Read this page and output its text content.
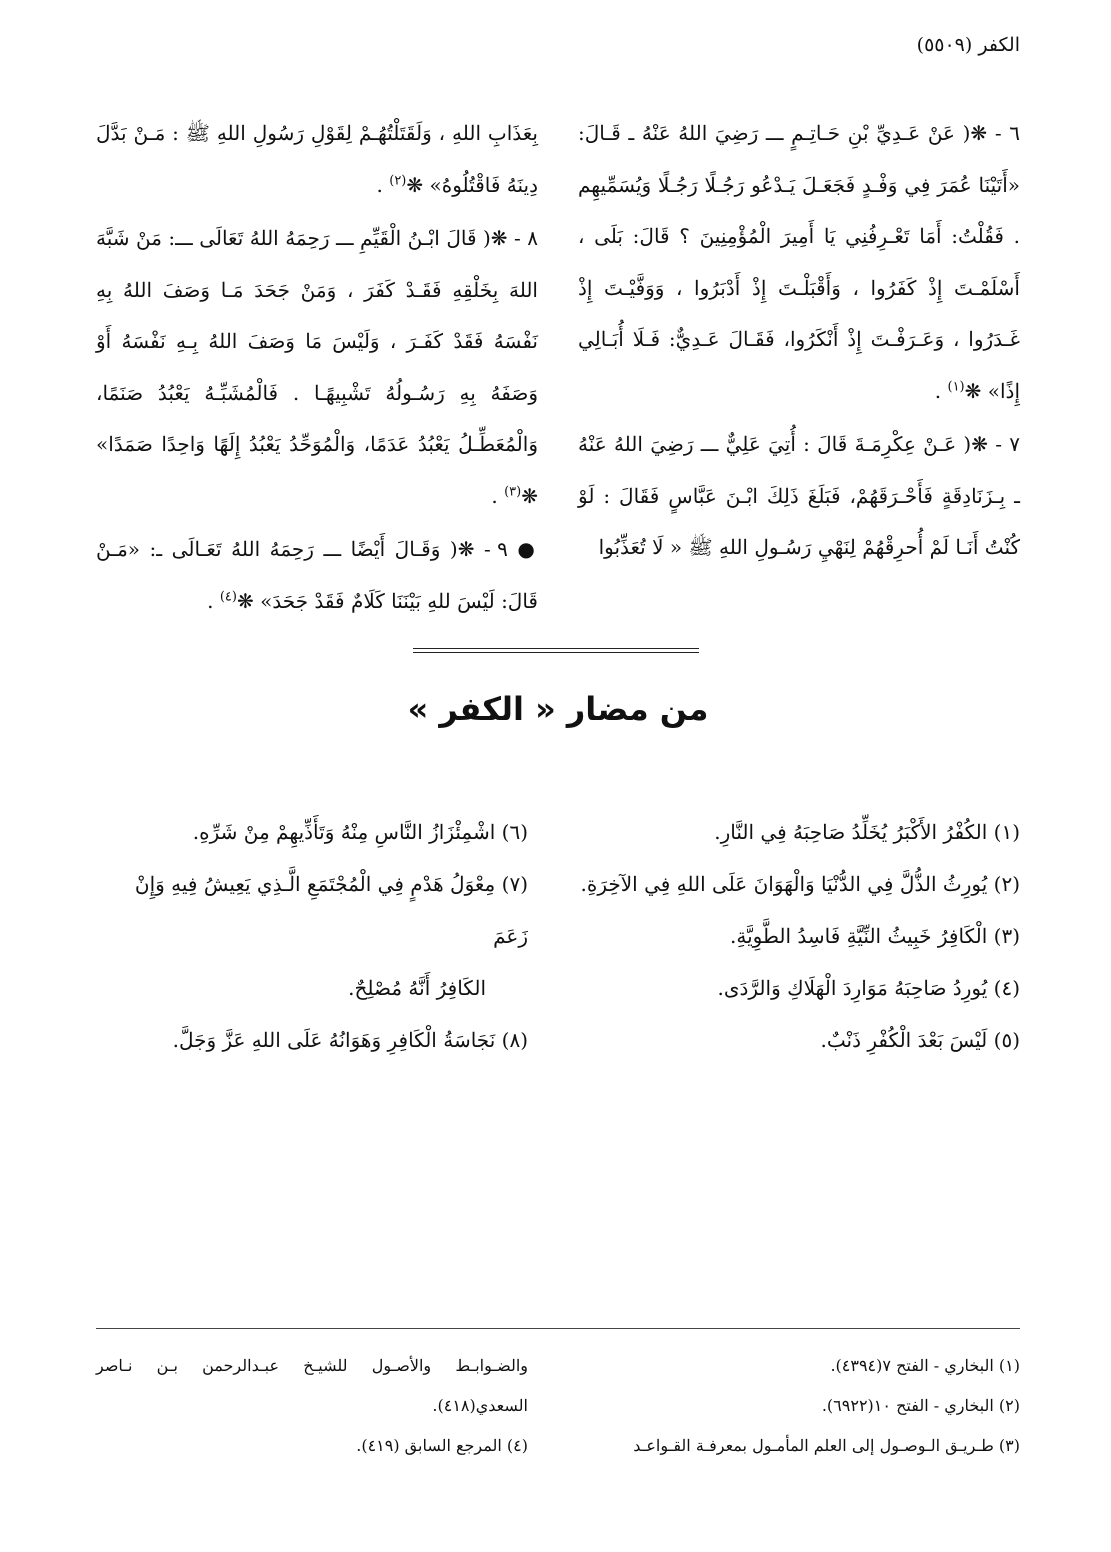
الكفر (٥٥٠٩)

٦ - ❋( عَنْ عَـدِيِّ بْنِ حَـاتِـمٍ ـــ رَضِيَ اللهُ عَنْهُ ـ قَـالَ: «أَتَيْنَا عُمَرَ فِي وَفْـدٍ فَجَعَـلَ يَـدْعُو رَجُـلًا رَجُـلًا وَيُسَمِّيهِم . فَقُلْتُ: أَمَا تَعْـرِفُنِي يَا أَمِيرَ الْمُؤْمِنِينَ ؟ قَالَ: بَلَى ، أَسْلَمْـتَ إِذْ كَفَرُوا ، وَأَقْبَلْـتَ إِذْ أَدْبَرُوا ، وَوَفَّيْـتَ إِذْ غَـدَرُوا ، وَعَـرَفْـتَ إِذْ أَنْكَرُوا، فَقَـالَ عَـدِيٌّ: فَـلَا أُبَـالِي إِذًا» ❋$^{(١)}$ .

٧ - ❋( عَـنْ عِكْرِمَـةَ قَالَ : أُتِيَ عَلِيٌّ ـــ رَضِيَ اللهُ عَنْهُ ـ بِـزَنَادِقَةٍ فَأَحْـرَقَهُمْ، فَبَلَغَ ذَلِكَ ابْـنَ عَبَّاسٍ فَقَالَ : لَوْ كُنْتُ أَنَـا لَمْ أُحرِقْهُمْ لِنَهْيِ رَسُـولِ اللهِ ﷺ « لَا تُعَذِّبُوا

بِعَذَابِ اللهِ ، وَلَقَتَلْتُهُـمْ لِقَوْلِ رَسُولِ اللهِ ﷺ : مَـنْ بَدَّلَ دِينَهُ فَاقْتُلُوهُ» ❋$^{(٢)}$ .

٨ - ❋( قَالَ ابْـنُ الْقَيِّمِ ـــ رَحِمَهُ اللهُ تَعَالَى ـــ: مَنْ شَبَّهَ اللهَ بِخَلْقِهِ فَقَـدْ كَفَرَ ، وَمَنْ جَحَدَ مَـا وَصَفَ اللهُ بِهِ نَفْسَهُ فَقَدْ كَفَـرَ ، وَلَيْسَ مَا وَصَفَ اللهُ بِـهِ نَفْسَهُ أَوْ وَصَفَهُ بِهِ رَسُـولُهُ تَشْبِيهًـا . فَالْمُشَبِّـهُ يَعْبُدُ صَنَمًا، وَالْمُعَطِّـلُ يَعْبُدُ عَدَمًا، وَالْمُوَحِّدُ يَعْبُدُ إِلَهًا وَاحِدًا صَمَدًا» ❋$^{(٣)}$ .

● ٩ - ❋( وَقَـالَ أَيْضًا ـــ رَحِمَهُ اللهُ تَعَـالَى ـ: «مَـنْ قَالَ: لَيْسَ للهِ بَيْنَنَا كَلَامٌ فَقَدْ جَحَدَ» ❋$^{(٤)}$ .

من مضار « الكفر »
(١) الكُفْرُ الأَكْبَرُ يُخَلِّدُ صَاحِبَهُ فِي النَّارِ.
(٢) يُورِثُ الذُّلَّ فِي الدُّنْيَا وَالْهَوَانَ عَلَى اللهِ فِي الآخِرَةِ.
(٣) الْكَافِرُ خَبِيثُ النِّيَّةِ فَاسِدُ الطَّوِيَّةِ.
(٤) يُورِدُ صَاحِبَهُ مَوَارِدَ الْهَلَاكِ وَالرَّدَى.
(٥) لَيْسَ بَعْدَ الْكُفْرِ ذَنْبٌ.
(٦) اشْمِئْزَازُ النَّاسِ مِنْهُ وَتَأَذِّيهِمْ مِنْ شَرِّهِ.
(٧) مِعْوَلُ هَدْمٍ فِي الْمُجْتَمَعِ الَّـذِي يَعِيشُ فِيهِ وَإِنْ زَعَمَ
الكَافِرُ أَنَّهُ مُصْلِحٌ.
(٨) نَجَاسَةُ الْكَافِرِ وَهَوَانُهُ عَلَى اللهِ عَزَّ وَجَلَّ.
(١) البخاري - الفتح ٧(٤٣٩٤).
(٢) البخاري - الفتح ١٠(٦٩٢٢).
(٣) طـريـق الـوصـول إلى العلم المأمـول بمعرفـة القـواعـد
والضـوابـط والأصـول للشيـخ عبـدالرحمن بـن نـاصر السعدي(٤١٨).
(٤) المرجع السابق (٤١٩).
